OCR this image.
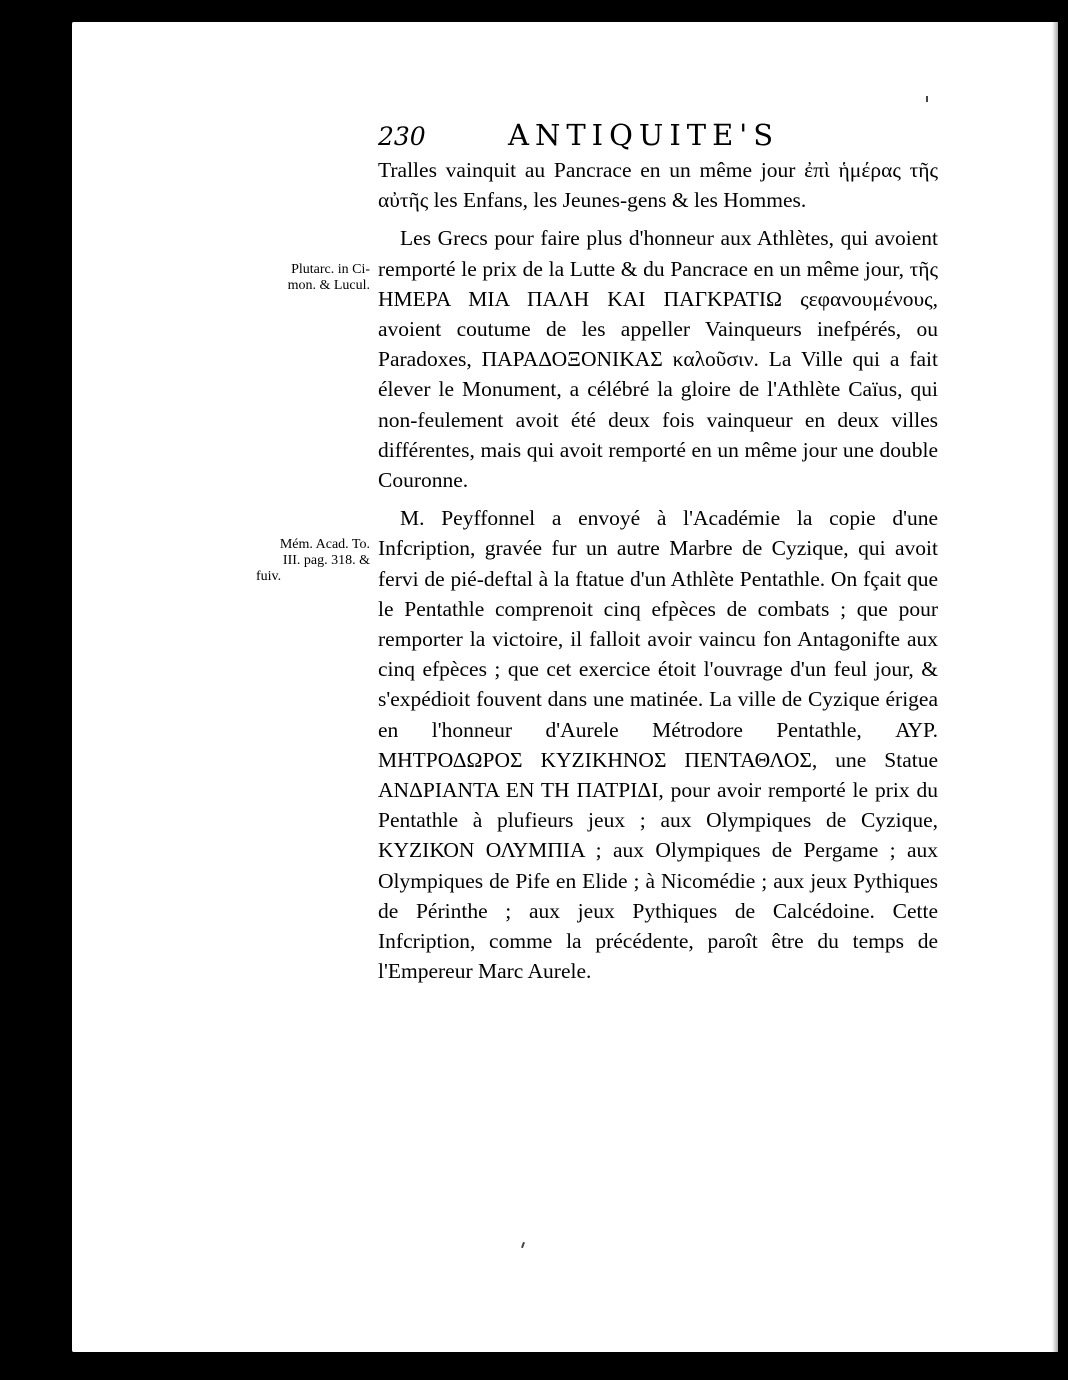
230	ANTIQUITE'S
Plutarc. in Ci-
mon. & Lucul.
Mém. Acad. To.
III. pag. 318. &
fuiv.

Tralles vainquit au Pancrace en un même jour ἐπὶ ἡμέρας τῆς αὐτῆς les Enfans, les Jeunes-gens & les Hommes.

Les Grecs pour faire plus d'honneur aux Athlètes, qui avoient remporté le prix de la Lutte & du Pancrace en un même jour, τῆς ΗΜΕΡΑ ΜΙΑ ΠΑΛΗ ΚΑΙ ΠΑΓΚΡΑΤΙΩ ςεφανουμένους, avoient coutume de les appeller Vainqueurs inefpérés, ou Paradoxes, ΠΑΡΑΔΟΞΟΝΙΚΑΣ καλοῦσιν. La Ville qui a fait élever le Monument, a célébré la gloire de l'Athlète Caïus, qui non-feulement avoit été deux fois vainqueur en deux villes différentes, mais qui avoit remporté en un même jour une double Couronne.

M. Peyffonnel a envoyé à l'Académie la copie d'une Infcription, gravée fur un autre Marbre de Cyzique, qui avoit fervi de pié-deftal à la ftatue d'un Athlète Pentathle. On fçait que le Pentathle comprenoit cinq efpèces de combats ; que pour remporter la victoire, il falloit avoir vaincu fon Antagonifte aux cinq efpèces ; que cet exercice étoit l'ouvrage d'un feul jour, & s'expédioit fouvent dans une matinée. La ville de Cyzique érigea en l'honneur d'Aurele Métrodore Pentathle, ΑΥΡ. ΜΗΤΡΟΔΩΡΟΣ ΚΥΖΙΚΗΝΟΣ ΠΕΝΤΑΘΛΟΣ, une Statue ΑΝΔΡΙΑΝΤΑ ΕΝ ΤΗ ΠΑΤΡΙΔΙ, pour avoir remporté le prix du Pentathle à plufieurs jeux ; aux Olympiques de Cyzique, ΚΥΖΙΚΟΝ ΟΛΥΜΠΙΑ ; aux Olympiques de Pergame ; aux Olympiques de Pife en Elide ; à Nicomédie ; aux jeux Pythiques de Périnthe ; aux jeux Pythiques de Calcédoine. Cette Infcription, comme la précédente, paroît être du temps de l'Empereur Marc Aurele.
